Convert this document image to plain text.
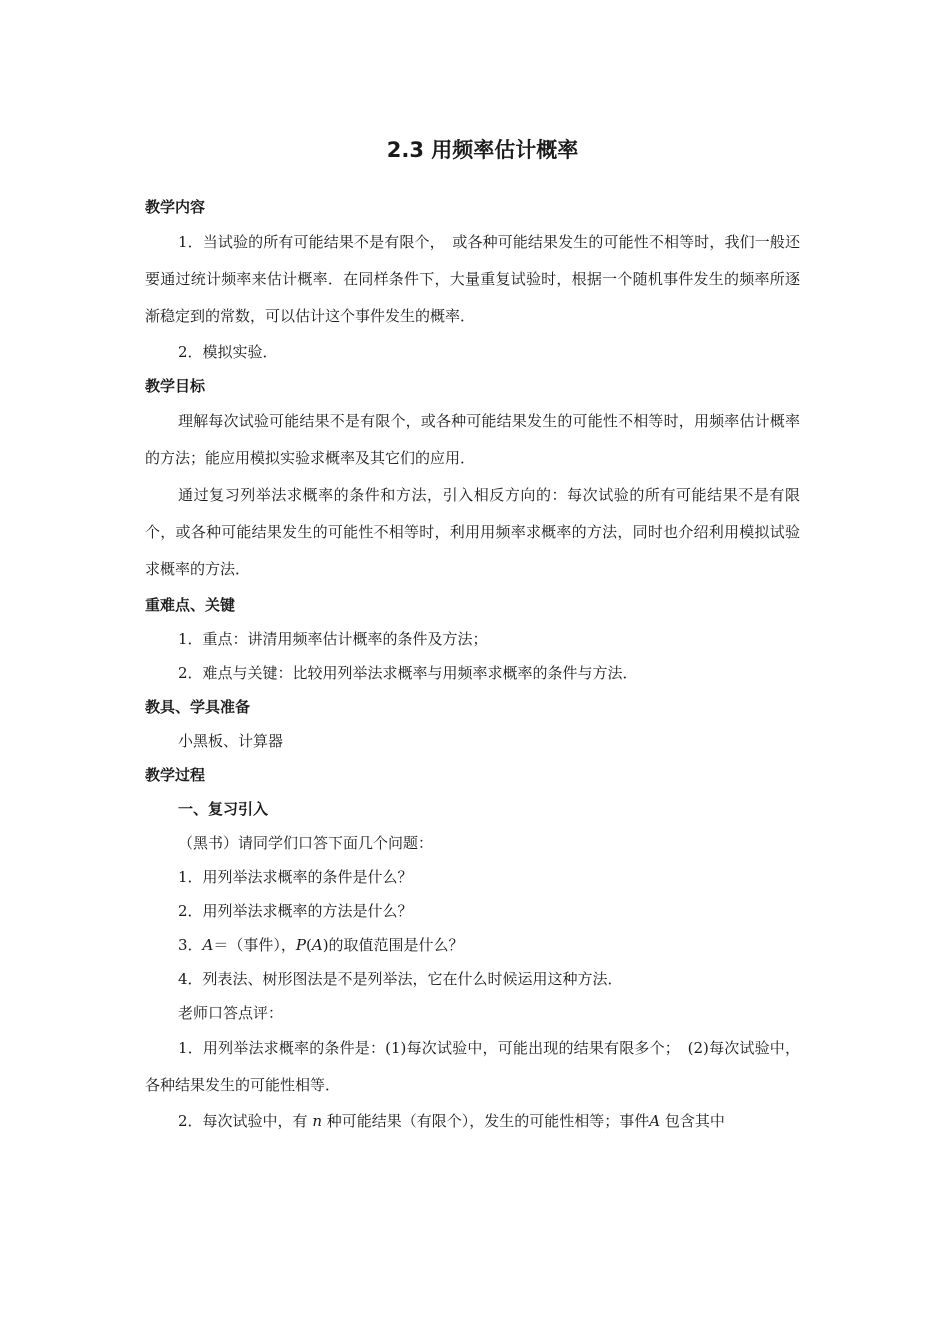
2.3 用频率估计概率

教学内容

1．当试验的所有可能结果不是有限个，　或各种可能结果发生的可能性不相等时，我们一般还要通过统计频率来估计概率．在同样条件下，大量重复试验时，根据一个随机事件发生的频率所逐渐稳定到的常数，可以估计这个事件发生的概率．

2．模拟实验．

教学目标

理解每次试验可能结果不是有限个，或各种可能结果发生的可能性不相等时，用频率估计概率的方法；能应用模拟实验求概率及其它们的应用．

通过复习列举法求概率的条件和方法，引入相反方向的：每次试验的所有可能结果不是有限个，或各种可能结果发生的可能性不相等时，利用用频率求概率的方法，同时也介绍利用模拟试验求概率的方法．

重难点、关键

1．重点：讲清用频率估计概率的条件及方法；

2．难点与关键：比较用列举法求概率与用频率求概率的条件与方法．

教具、学具准备

小黑板、计算器

教学过程

一、复习引入

（黑书）请同学们口答下面几个问题：

1．用列举法求概率的条件是什么？

2．用列举法求概率的方法是什么？

3．A＝（事件），P(A)的取值范围是什么？

4．列表法、树形图法是不是列举法，它在什么时候运用这种方法．

老师口答点评：

1．用列举法求概率的条件是：(1)每次试验中，可能出现的结果有限多个；　(2)每次试验中，各种结果发生的可能性相等．

2．每次试验中，有 n 种可能结果（有限个），发生的可能性相等；事件A 包含其中
